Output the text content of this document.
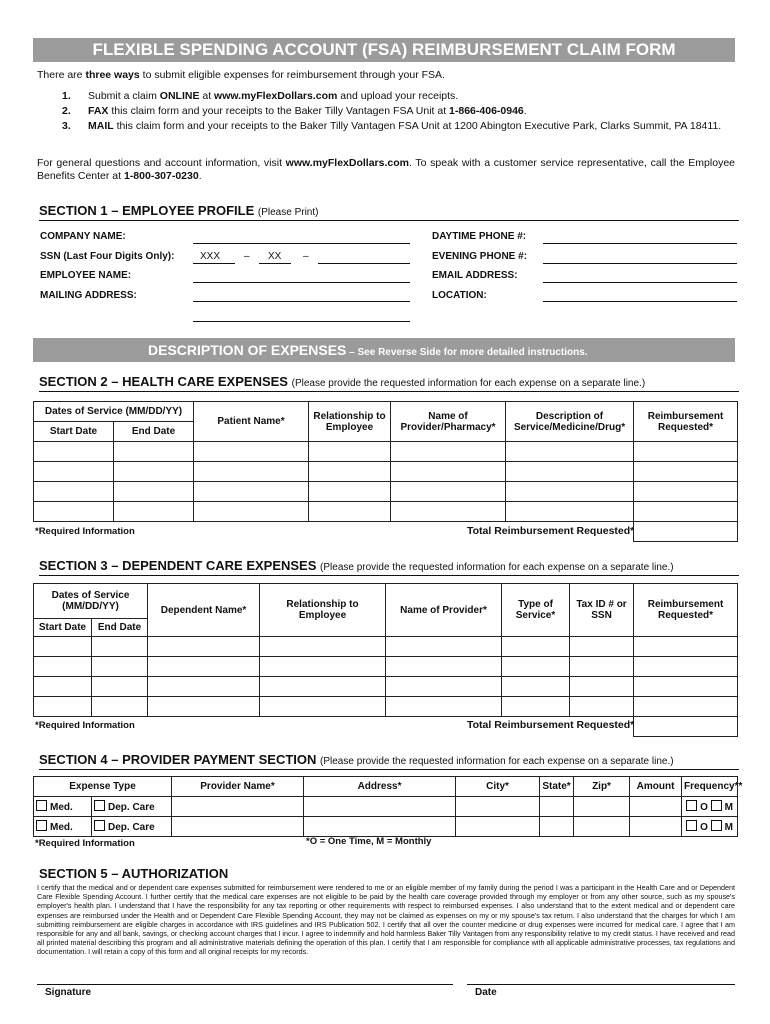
FLEXIBLE SPENDING ACCOUNT (FSA) REIMBURSEMENT CLAIM FORM
There are three ways to submit eligible expenses for reimbursement through your FSA.
1. Submit a claim ONLINE at www.myFlexDollars.com and upload your receipts.
2. FAX this claim form and your receipts to the Baker Tilly Vantagen FSA Unit at 1-866-406-0946.
3.	MAIL this claim form and your receipts to the Baker Tilly Vantagen FSA Unit at 1200 Abington Executive Park, Clarks Summit, PA 18411.
For general questions and account information, visit www.myFlexDollars.com. To speak with a customer service representative, call the Employee Benefits Center at 1-800-307-0230.
SECTION 1 – EMPLOYEE PROFILE (Please Print)
COMPANY NAME:
SSN (Last Four Digits Only):	XXX – XX –
EMPLOYEE NAME:
MAILING ADDRESS:
DAYTIME PHONE #:
EVENING PHONE #:
EMAIL ADDRESS:
LOCATION:
DESCRIPTION OF EXPENSES – See Reverse Side for more detailed instructions.
SECTION 2 – HEALTH CARE EXPENSES (Please provide the requested information for each expense on a separate line.)
Dates of Service (MM/DD/YY)		Patient Name*	Relationship to Employee	Name of Provider/Pharmacy*	Description of Service/Medicine/Drug*	Reimbursement Requested*
Start Date	End Date					

*Required Information	Total Reimbursement Requested*
SECTION 3 – DEPENDENT CARE EXPENSES (Please provide the requested information for each expense on a separate line.)
Dates of Service (MM/DD/YY)		Dependent Name*	Relationship to Employee	Name of Provider*	Type of Service*	Tax ID # or SSN	Reimbursement Requested*
Start Date	End Date						

*Required Information	Total Reimbursement Requested*
SECTION 4 – PROVIDER PAYMENT SECTION (Please provide the requested information for each expense on a separate line.)
Expense Type		Provider Name*	Address*	City*	State*	Zip*	Amount	Frequency**
Med.	Dep. Care							O M
Med.	Dep. Care							O M
*Required Information	*O = One Time, M = Monthly
SECTION 5 – AUTHORIZATION
I certify that the medical and or dependent care expenses submitted for reimbursement were rendered to me or an eligible member of my family during the period I was a participant in the Health Care and or Dependent Care Flexible Spending Account. I further certify that the medical care expenses are not eligible to be paid by the health care coverage provided through my employer or from any other source, such as my spouse's employer's health plan. I understand that I have the responsibility for any tax reporting or other requirements with respect to reimbursed expenses. I also understand that to the extent medical and or dependent care expenses are reimbursed under the Health and or Dependent Care Flexible Spending Account, they may not be claimed as expenses on my or my spouse's tax return. I also understand that the charges for which I am submitting reimbursement are eligible charges in accordance with IRS guidelines and IRS Publication 502. I certify that all over the counter medicine or drug expenses were incurred for medical care. I agree that I am responsible for any and all bank, savings, or checking account charges that I incur. I agree to indemnify and hold harmless Baker Tilly Vantagen from any responsibility relative to my credit status. I have received and read all printed material describing this program and all administrative materials defining the operation of this plan. I certify that I am responsible for compliance with all applicable administrative processes, tax regulations and documentation. I will retain a copy of this form and all original receipts for my records.
Signature	Date
